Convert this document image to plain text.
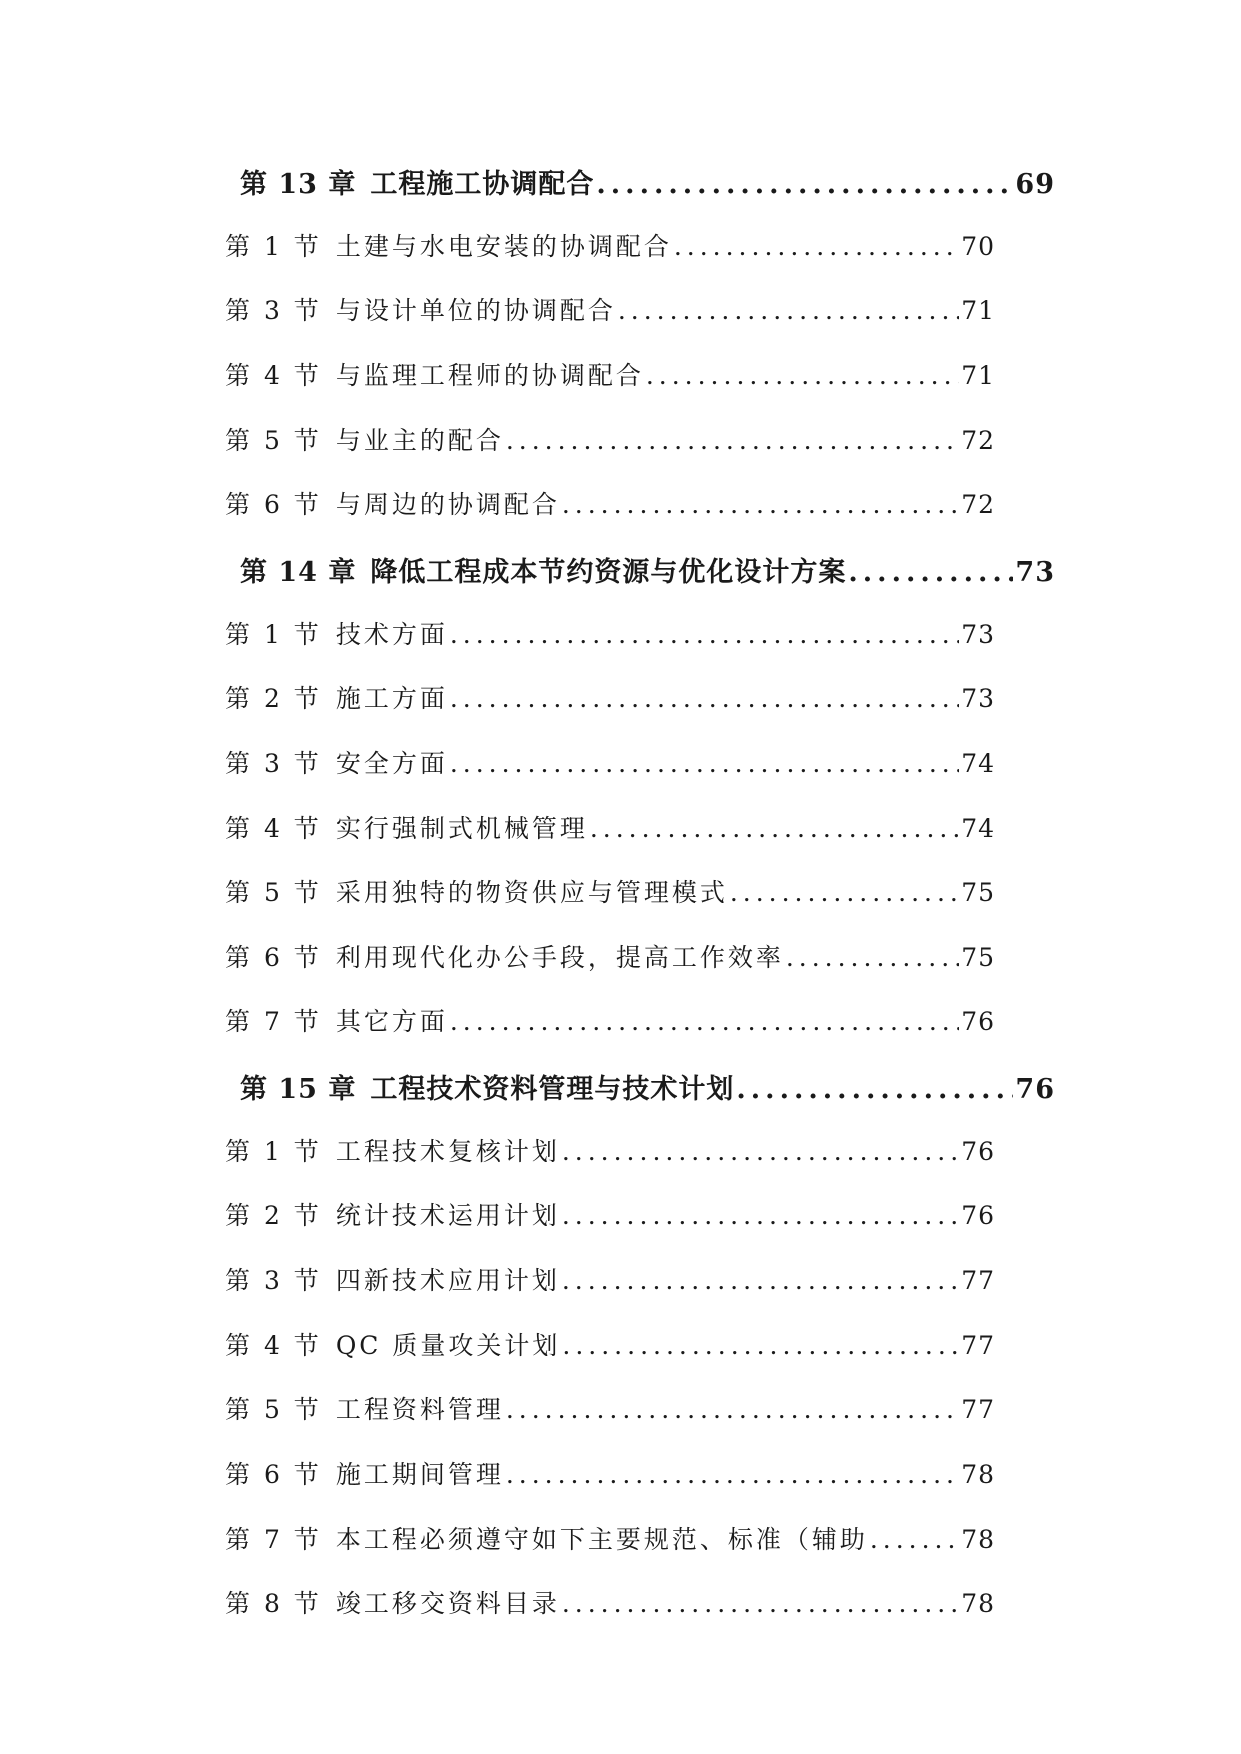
第 13 章 工程施工协调配合 .....	69
第 1 节 土建与水电安装的协调配合 .....	70
第 3 节 与设计单位的协调配合 .....	71
第 4 节 与监理工程师的协调配合 .....	71
第 5 节 与业主的配合 .....	72
第 6 节 与周边的协调配合 .....	72
第 14 章 降低工程成本节约资源与优化设计方案 .....	73
第 1 节 技术方面 .....	73
第 2 节 施工方面 .....	73
第 3 节 安全方面 .....	74
第 4 节 实行强制式机械管理 .....	74
第 5 节 采用独特的物资供应与管理模式 .....	75
第 6 节 利用现代化办公手段，提高工作效率 .....	75
第 7 节 其它方面 .....	76
第 15 章 工程技术资料管理与技术计划 .....	76
第 1 节 工程技术复核计划 .....	76
第 2 节 统计技术运用计划 .....	76
第 3 节 四新技术应用计划 .....	77
第 4 节 QC 质量攻关计划 .....	77
第 5 节 工程资料管理 .....	77
第 6 节 施工期间管理 .....	78
第 7 节 本工程必须遵守如下主要规范、标准（辅助 .....	78
第 8 节 竣工移交资料目录 .....	78
